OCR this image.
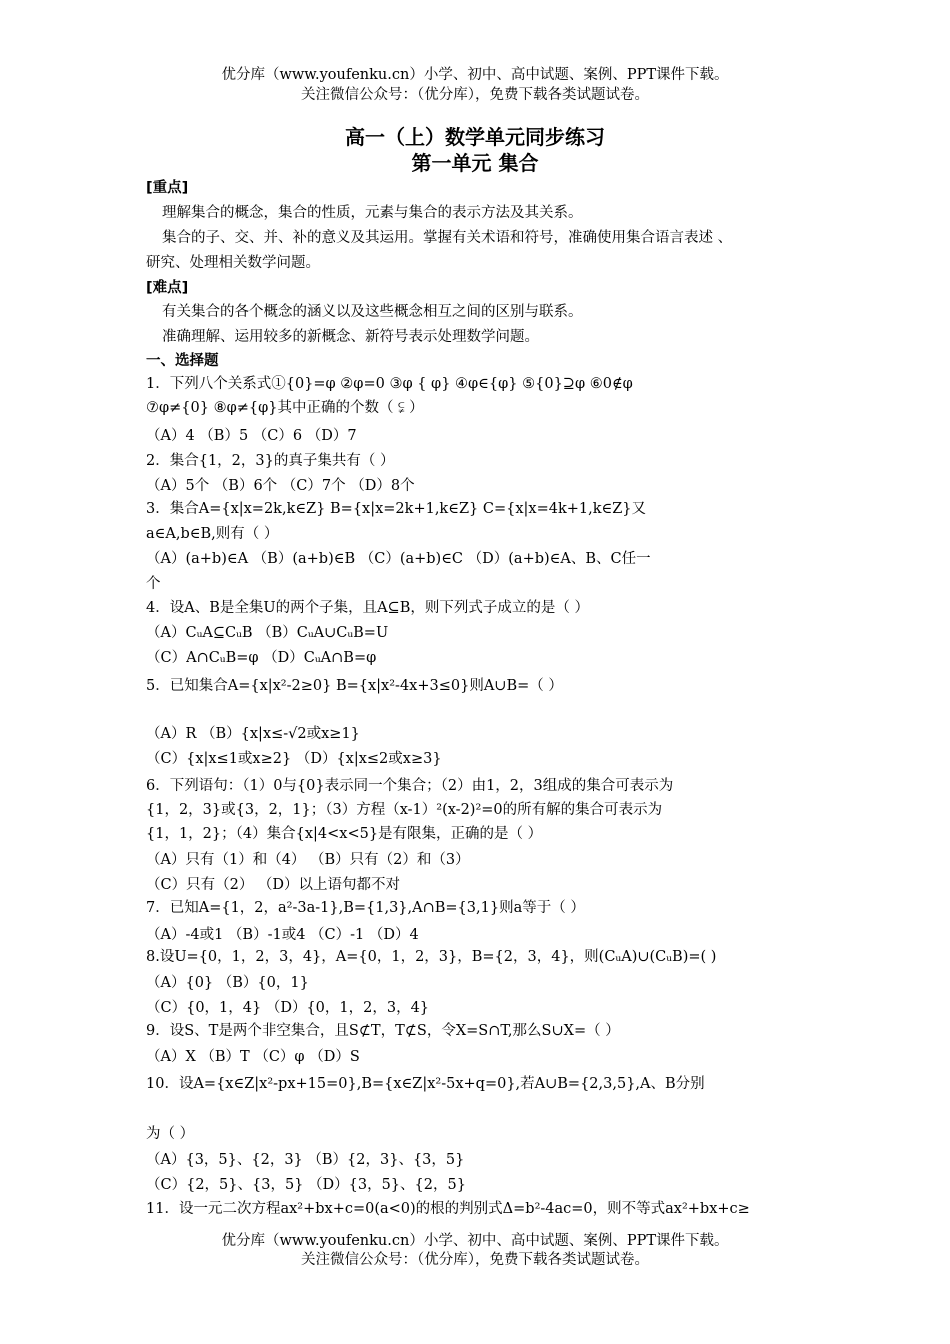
优分库（www.youfenku.cn）小学、初中、高中试题、案例、PPT课件下载。
关注微信公众号：（优分库），免费下载各类试题试卷。
高一（上）数学单元同步练习
第一单元 集合
[重点]
理解集合的概念，集合的性质，元素与集合的表示方法及其关系。
集合的子、交、并、补的意义及其运用。掌握有关术语和符号，准确使用集合语言表述 、
研究、处理相关数学问题。
[难点]
有关集合的各个概念的涵义以及这些概念相互之间的区别与联系。
准确理解、运用较多的新概念、新符号表示处理数学问题。
一、选择题
1．下列八个关系式①{0}=φ ②φ=0 ③φ { φ} ④φ∈{φ} ⑤{0}⊇φ ⑥0∉φ
⑦φ≠{0} ⑧φ≠{φ}其中正确的个数（ ⫋ ）
（A）4 （B）5 （C）6 （D）7
2．集合{1，2，3}的真子集共有（ ）
（A）5个 （B）6个 （C）7个 （D）8个
3．集合A={x|x=2k,k∈Z} B={x|x=2k+1,k∈Z} C={x|x=4k+1,k∈Z}又
a∈A,b∈B,则有（ ）
（A）(a+b)∈A （B）(a+b)∈B （C）(a+b)∈C （D）(a+b)∈A、B、C任一
个
4．设A、B是全集U的两个子集，且A⊆B，则下列式子成立的是（ ）
（A）CᵤA⊆CᵤB （B）CᵤA∪CᵤB=U
（C）A∩CᵤB=φ （D）CᵤA∩B=φ
5．已知集合A={x|x²-2≥0} B={x|x²-4x+3≤0}则A∪B=（ ）
（A）R （B）{x|x≤-√2或x≥1}
（C）{x|x≤1或x≥2} （D）{x|x≤2或x≥3}
6．下列语句：（1）0与{0}表示同一个集合；（2）由1，2，3组成的集合可表示为
{1，2，3}或{3，2，1}；（3）方程（x-1）²(x-2)²=0的所有解的集合可表示为
{1，1，2}；（4）集合{x|4<x<5}是有限集，正确的是（ ）
（A）只有（1）和（4） （B）只有（2）和（3）
（C）只有（2） （D）以上语句都不对
7．已知A={1，2，a²-3a-1},B={1,3},A∩B={3,1}则a等于（ ）
（A）-4或1 （B）-1或4 （C）-1 （D）4
8.设U={0，1，2，3，4}，A={0，1，2，3}，B={2，3，4}，则(CᵤA)∪(CᵤB)=( )
（A）{0} （B）{0，1}
（C）{0，1，4} （D）{0，1，2，3，4}
9．设S、T是两个非空集合，且S⊄T，T⊄S，令X=S∩T,那么S∪X=（ ）
（A）X （B）T （C）φ （D）S
10．设A={x∈Z|x²-px+15=0},B={x∈Z|x²-5x+q=0},若A∪B={2,3,5},A、B分别
为（ ）
（A）{3，5}、{2，3} （B）{2，3}、{3，5}
（C）{2，5}、{3，5} （D）{3，5}、{2，5}
11．设一元二次方程ax²+bx+c=0(a<0)的根的判别式Δ=b²-4ac=0，则不等式ax²+bx+c≥
优分库（www.youfenku.cn）小学、初中、高中试题、案例、PPT课件下载。
关注微信公众号：（优分库），免费下载各类试题试卷。
